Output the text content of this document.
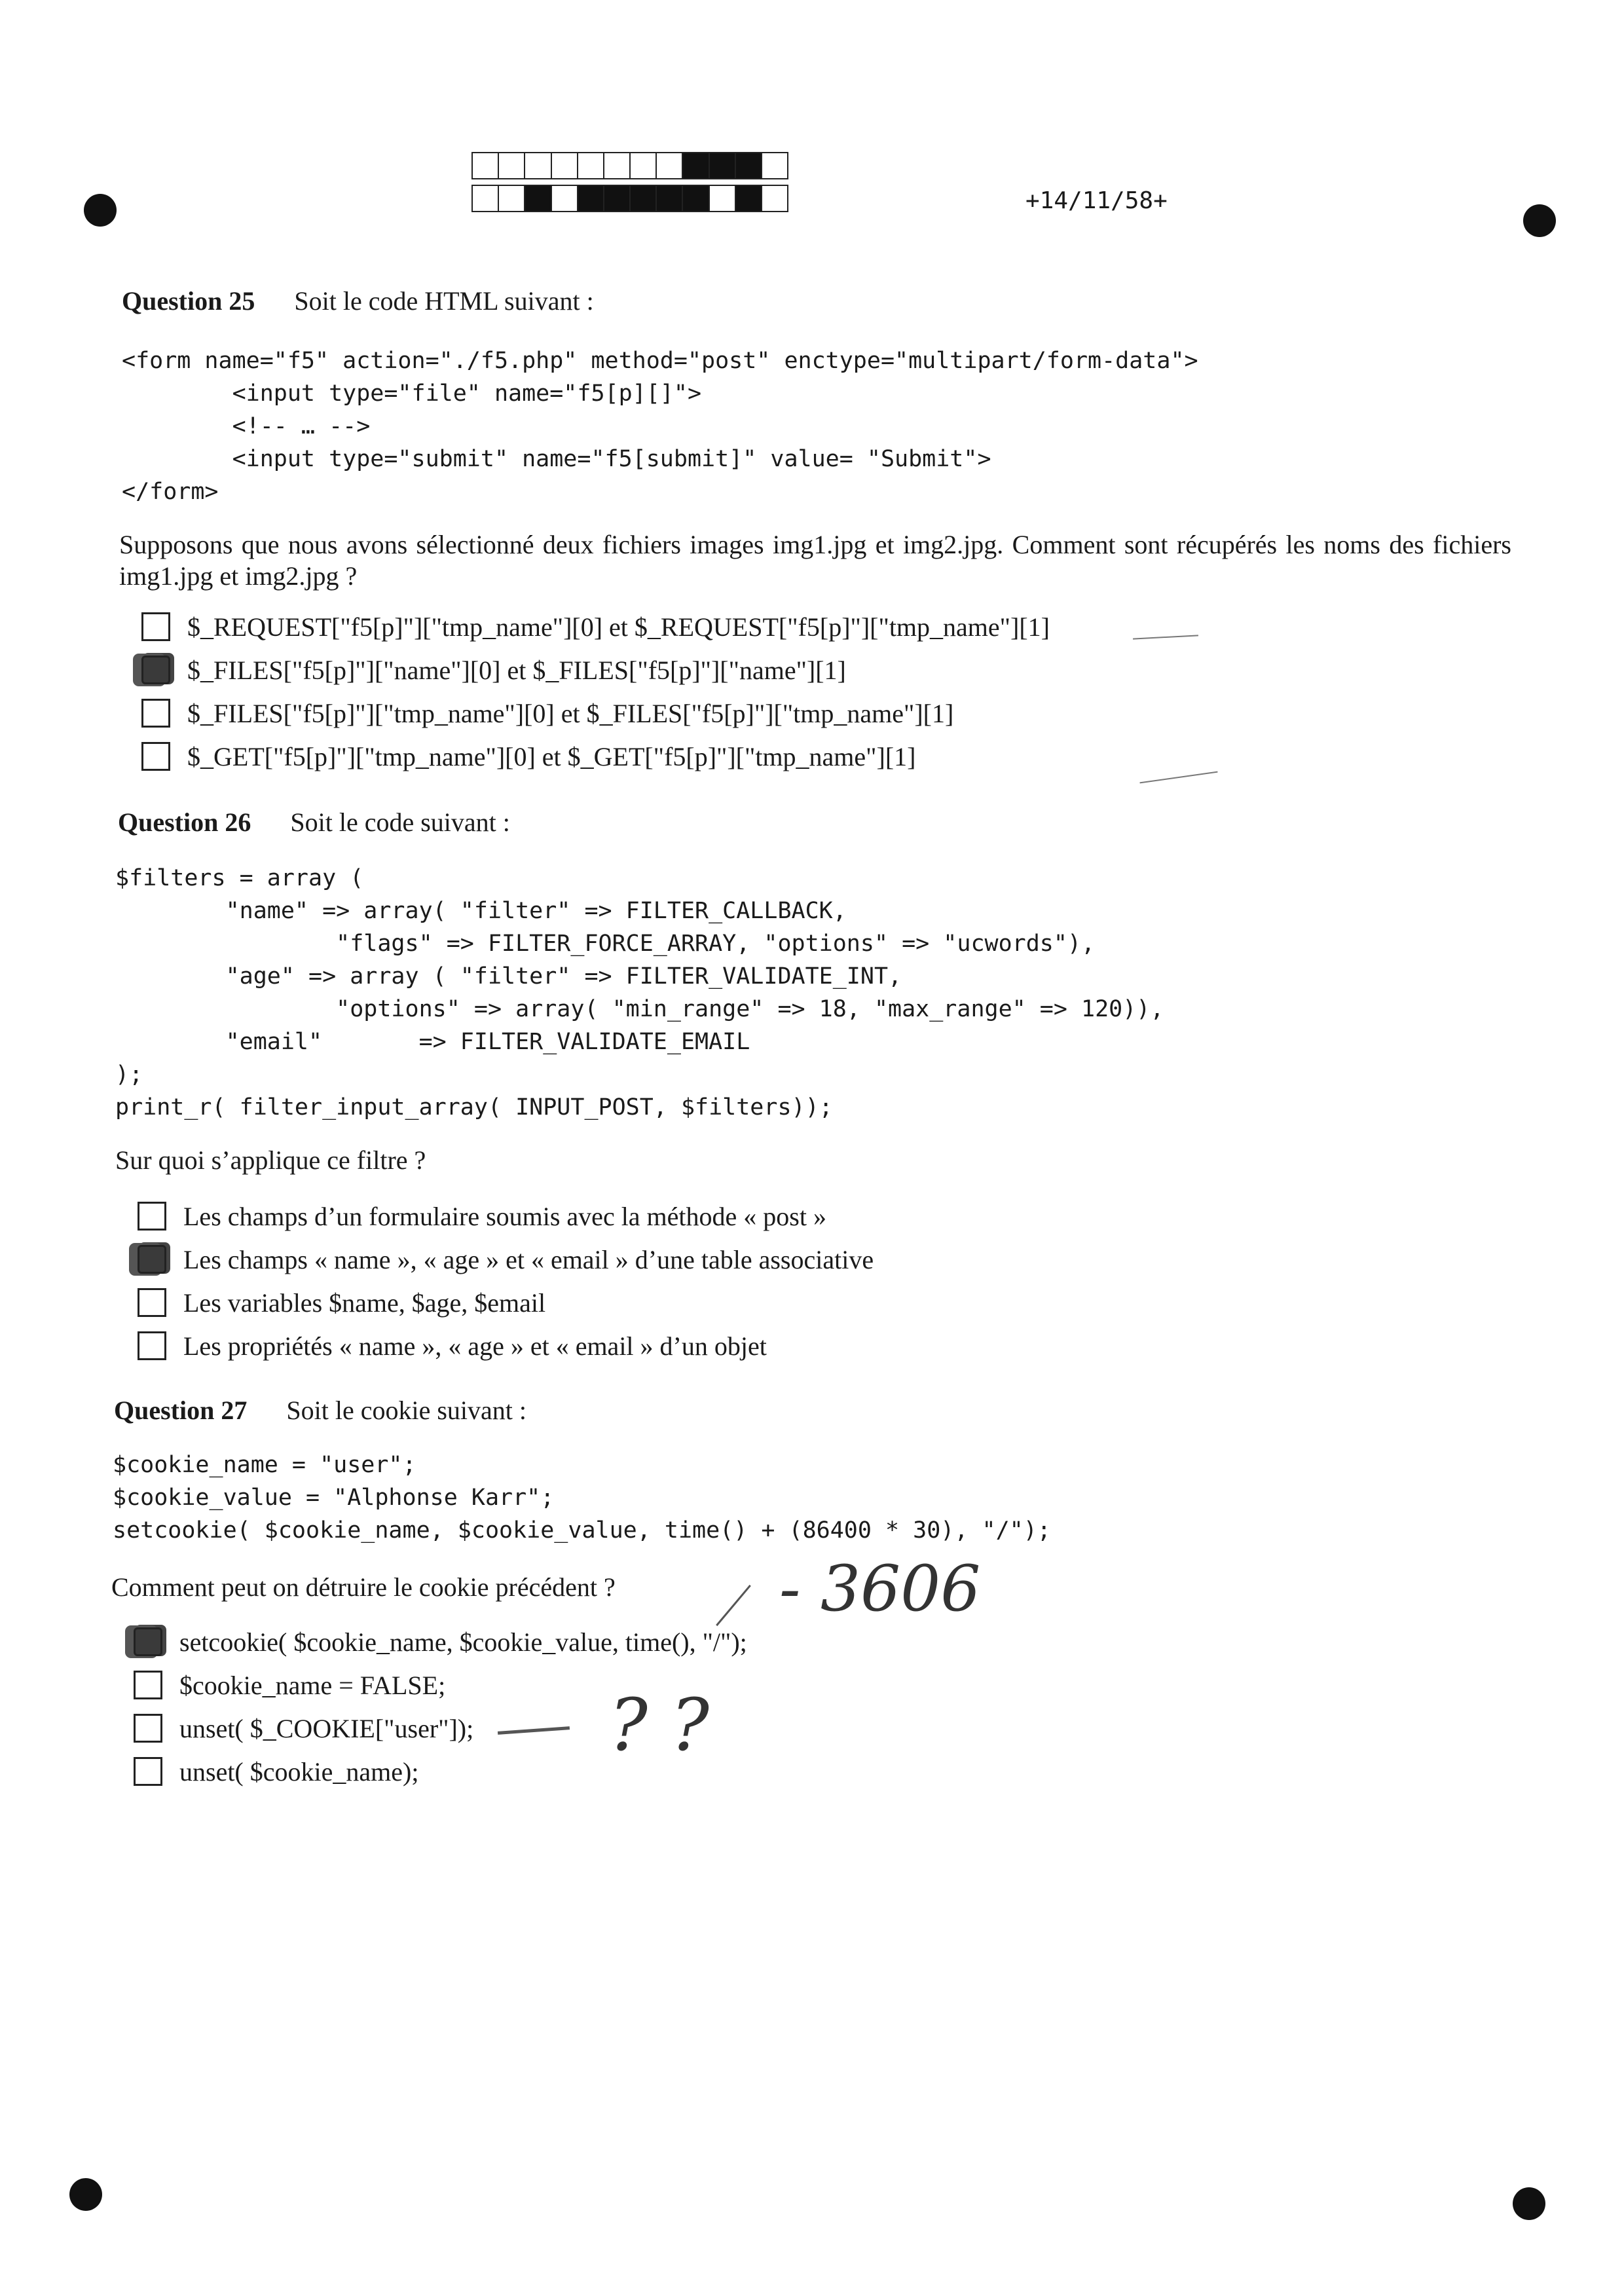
+14/11/58+
Question 25 Soit le code HTML suivant :
<form name="f5" action="./f5.php" method="post" enctype="multipart/form-data">
<input type="file" name="f5[p][]">
<!-- … -->
<input type="submit" name="f5[submit]" value= "Submit">
</form>

Supposons que nous avons sélectionné deux fichiers images img1.jpg et img2.jpg. Comment sont récupérés les noms des fichiers img1.jpg et img2.jpg ?

$_REQUEST["f5[p]"]["tmp_name"][0] et $_REQUEST["f5[p]"]["tmp_name"][1]
$_FILES["f5[p]"]["name"][0] et $_FILES["f5[p]"]["name"][1]
$_FILES["f5[p]"]["tmp_name"][0] et $_FILES["f5[p]"]["tmp_name"][1]
$_GET["f5[p]"]["tmp_name"][0] et $_GET["f5[p]"]["tmp_name"][1]
Question 26 Soit le code suivant :
$filters = array (
"name" => array( "filter" => FILTER_CALLBACK,
"flags" => FILTER_FORCE_ARRAY, "options" => "ucwords"),
"age" => array ( "filter" => FILTER_VALIDATE_INT,
"options" => array( "min_range" => 18, "max_range" => 120)),
"email"       => FILTER_VALIDATE_EMAIL
);
print_r( filter_input_array( INPUT_POST, $filters));

Sur quoi s’applique ce filtre ?

Les champs d’un formulaire soumis avec la méthode « post »
Les champs « name », « age » et « email » d’une table associative
Les variables $name, $age, $email
Les propriétés « name », « age » et « email » d’un objet
Question 27 Soit le cookie suivant :
$cookie_name = "user";
$cookie_value = "Alphonse Karr";
setcookie( $cookie_name, $cookie_value, time() + (86400 * 30), "/");

Comment peut on détruire le cookie précédent ?

setcookie( $cookie_name, $cookie_value, time(), "/");
$cookie_name = FALSE;
unset( $_COOKIE["user"]);
unset( $cookie_name);
- 3606
? ?
